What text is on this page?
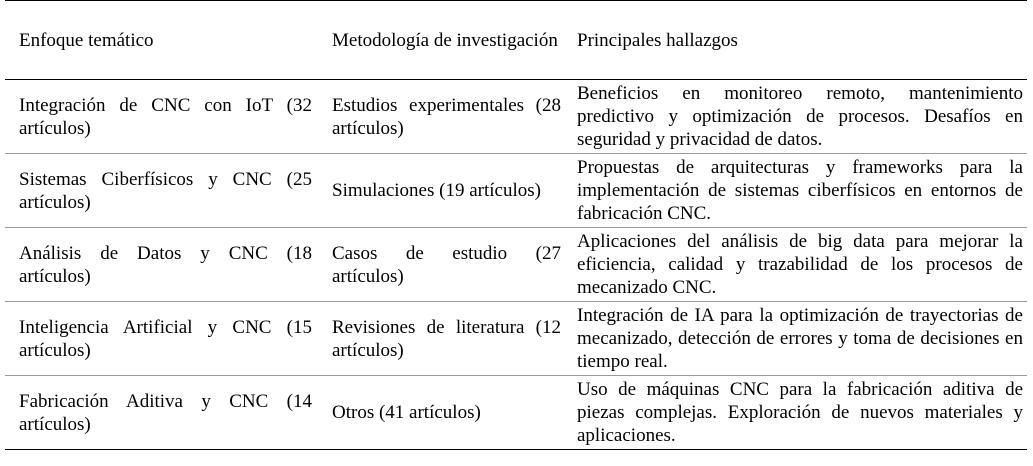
Enfoque temático	Metodología de investigación	Principales hallazgos
Integración de CNC con IoT (32 artículos)	Estudios experimentales (28 artículos)	Beneficios en monitoreo remoto, mantenimiento predictivo y optimización de procesos. Desafíos en seguridad y privacidad de datos.
Sistemas Ciberfísicos y CNC (25 artículos)	Simulaciones (19 artículos)	Propuestas de arquitecturas y frameworks para la implementación de sistemas ciberfísicos en entornos de fabricación CNC.
Análisis de Datos y CNC (18 artículos)	Casos de estudio (27 artículos)	Aplicaciones del análisis de big data para mejorar la eficiencia, calidad y trazabilidad de los procesos de mecanizado CNC.
Inteligencia Artificial y CNC (15 artículos)	Revisiones de literatura (12 artículos)	Integración de IA para la optimización de trayectorias de mecanizado, detección de errores y toma de decisiones en tiempo real.
Fabricación Aditiva y CNC (14 artículos)	Otros (41 artículos)	Uso de máquinas CNC para la fabricación aditiva de piezas complejas. Exploración de nuevos materiales y aplicaciones.
